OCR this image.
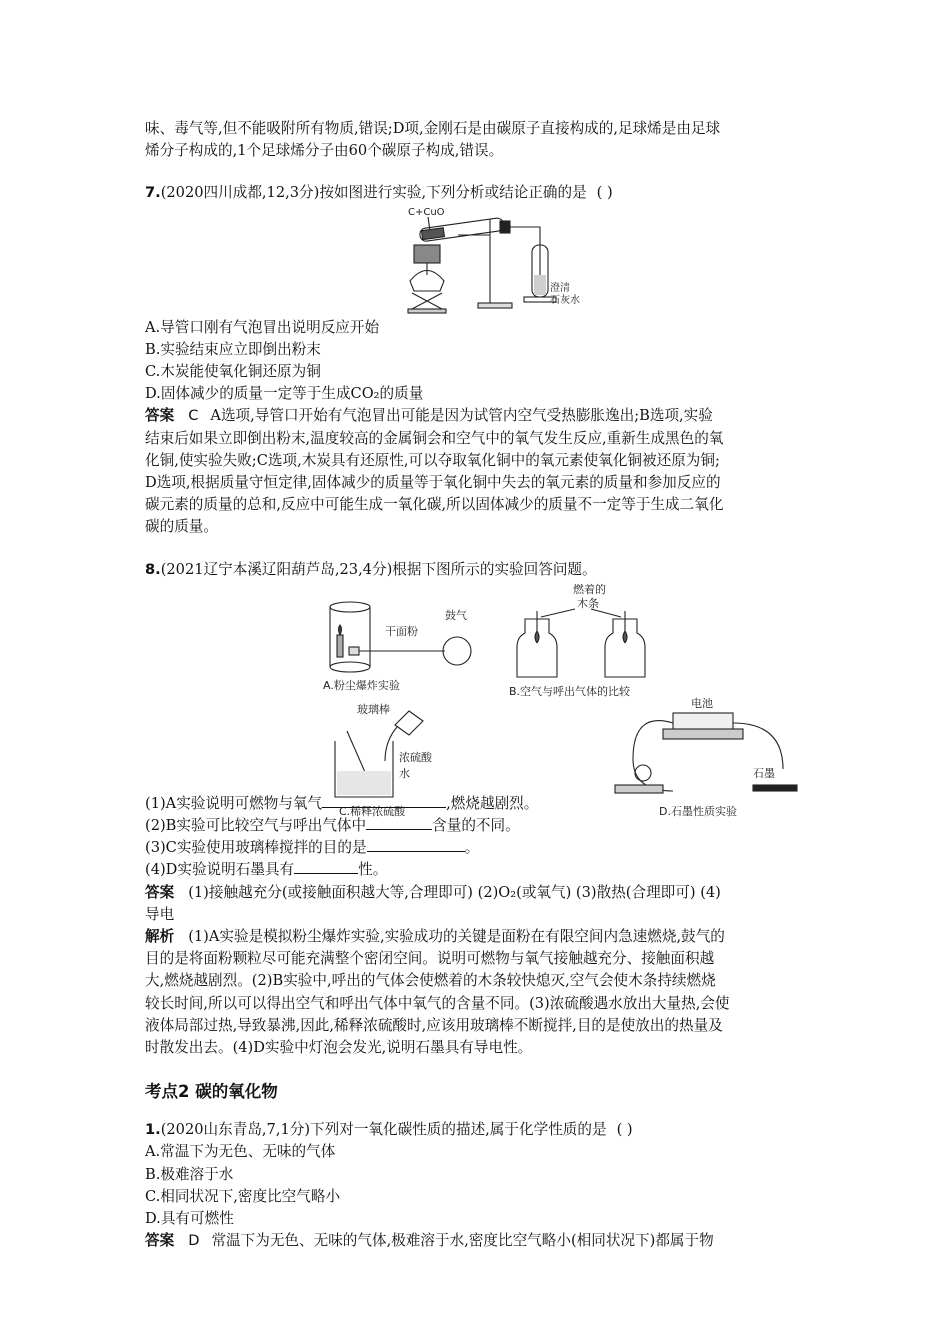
味、毒气等,但不能吸附所有物质,错误;D项,金刚石是由碳原子直接构成的,足球烯是由足球

烯分子构成的,1个足球烯分子由60个碳原子构成,错误。

7.(2020四川成都,12,3分)按如图进行实验,下列分析或结论正确的是 ( )

C+CuO
澄清
石灰水

A.导管口刚有气泡冒出说明反应开始

B.实验结束应立即倒出粉末

C.木炭能使氧化铜还原为铜

D.固体减少的质量一定等于生成CO₂的质量

答案 C A选项,导管口开始有气泡冒出可能是因为试管内空气受热膨胀逸出;B选项,实验

结束后如果立即倒出粉末,温度较高的金属铜会和空气中的氧气发生反应,重新生成黑色的氧

化铜,使实验失败;C选项,木炭具有还原性,可以夺取氧化铜中的氧元素使氧化铜被还原为铜;

D选项,根据质量守恒定律,固体减少的质量等于氧化铜中失去的氧元素的质量和参加反应的

碳元素的质量的总和,反应中可能生成一氧化碳,所以固体减少的质量不一定等于生成二氧化

碳的质量。

8.(2021辽宁本溪辽阳葫芦岛,23,4分)根据下图所示的实验回答问题。

干面粉
鼓气
A.粉尘爆炸实验
燃着的
木条
B.空气与呼出气体的比较
玻璃棒
浓硫酸
水
C.稀释浓硫酸
电池
石墨
D.石墨性质实验

(1)A实验说明可燃物与氧气	,燃烧越剧烈。

(2)B实验可比较空气与呼出气体中	含量的不同。

(3)C实验使用玻璃棒搅拌的目的是	。

(4)D实验说明石墨具有	性。

答案 (1)接触越充分(或接触面积越大等,合理即可) (2)O₂(或氧气) (3)散热(合理即可) (4)

导电

解析 (1)A实验是模拟粉尘爆炸实验,实验成功的关键是面粉在有限空间内急速燃烧,鼓气的

目的是将面粉颗粒尽可能充满整个密闭空间。说明可燃物与氧气接触越充分、接触面积越

大,燃烧越剧烈。(2)B实验中,呼出的气体会使燃着的木条较快熄灭,空气会使木条持续燃烧

较长时间,所以可以得出空气和呼出气体中氧气的含量不同。(3)浓硫酸遇水放出大量热,会使

液体局部过热,导致暴沸,因此,稀释浓硫酸时,应该用玻璃棒不断搅拌,目的是使放出的热量及

时散发出去。(4)D实验中灯泡会发光,说明石墨具有导电性。

考点2 碳的氧化物

1.(2020山东青岛,7,1分)下列对一氧化碳性质的描述,属于化学性质的是 ( )

A.常温下为无色、无味的气体

B.极难溶于水

C.相同状况下,密度比空气略小

D.具有可燃性

答案 D 常温下为无色、无味的气体,极难溶于水,密度比空气略小(相同状况下)都属于物
